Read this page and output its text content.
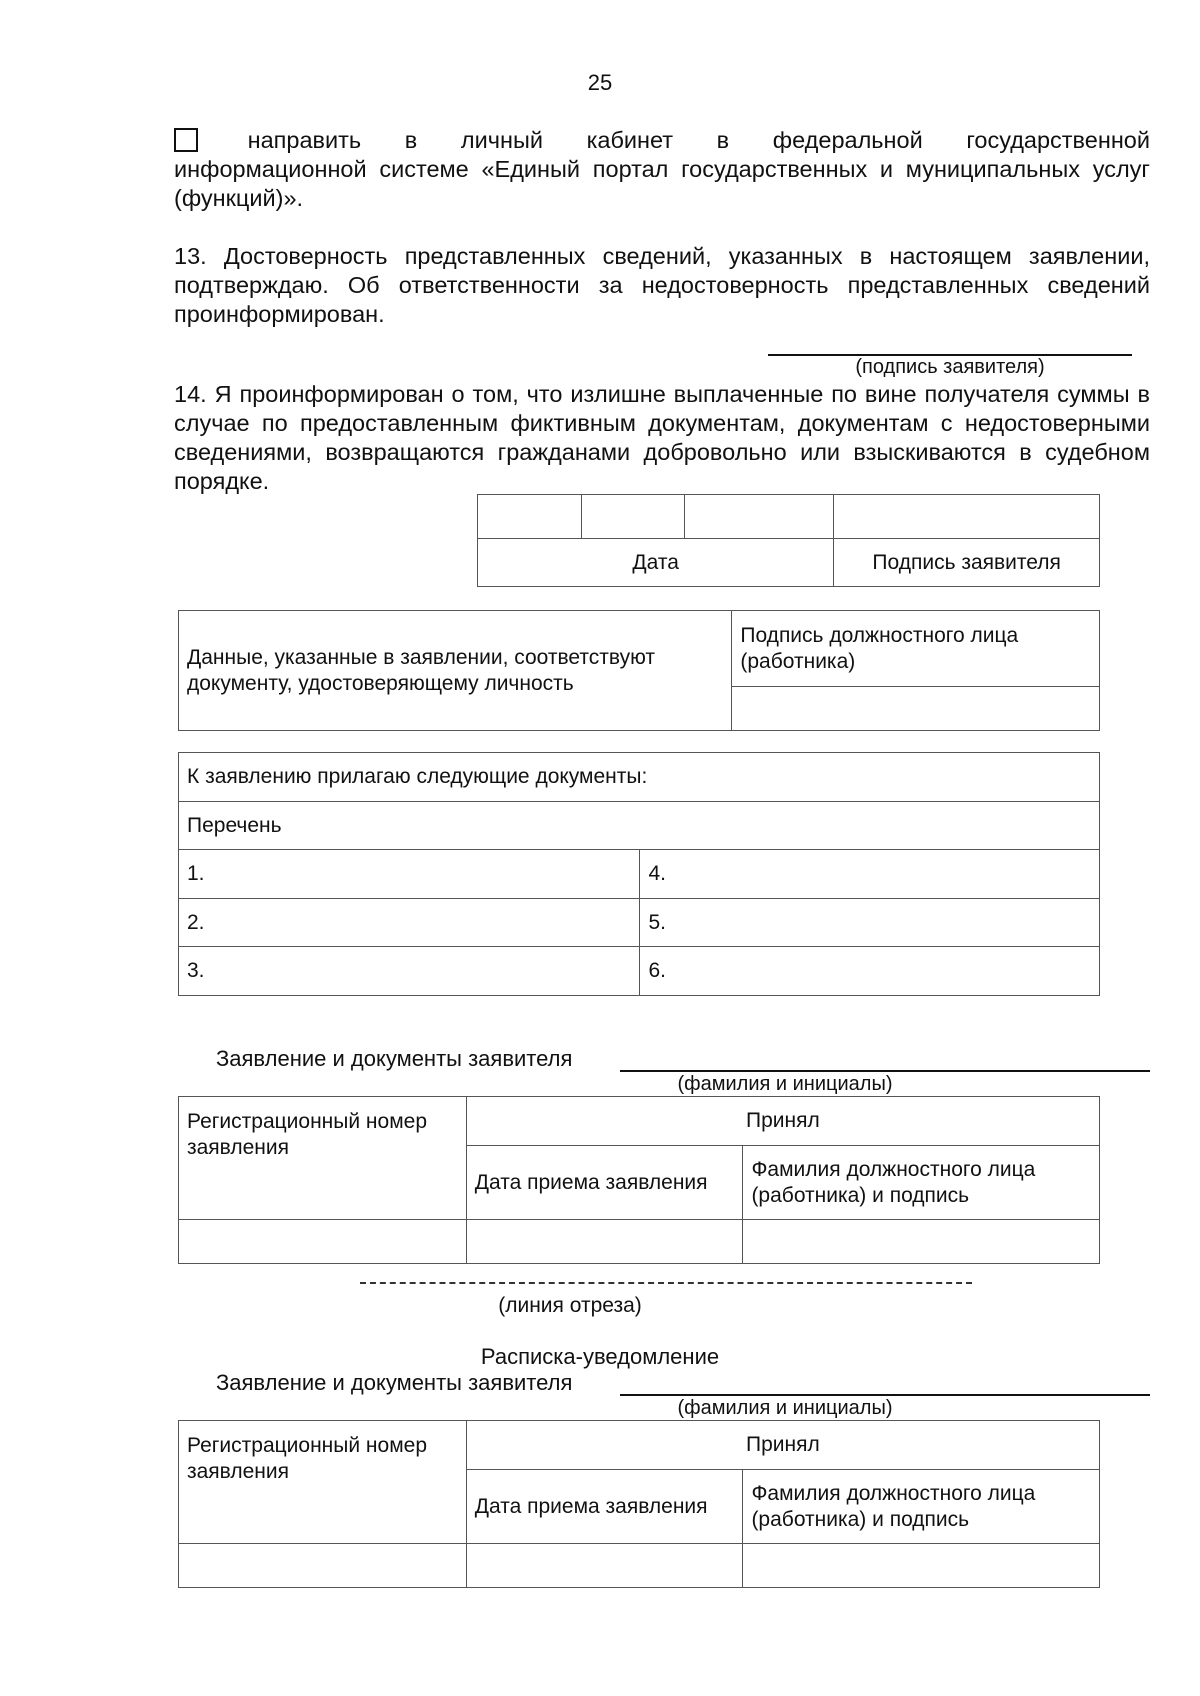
25
направить в личный кабинет в федеральной государственной
информационной системе «Единый портал государственных и муниципальных услуг (функций)».
13. Достоверность представленных сведений, указанных в настоящем заявлении, подтверждаю. Об ответственности за недостоверность представленных сведений проинформирован.
(подпись заявителя)
14. Я проинформирован о том, что излишне выплаченные по вине получателя суммы в случае по предоставленным фиктивным документам, документам с недостоверными сведениями, возвращаются гражданами добровольно или взыскиваются в судебном порядке.

Дата			Подпись заявителя
Данные, указанные в заявлении, соответствуют документу, удостоверяющему личность	Подпись должностного лица (работника)

К заявлению прилагаю следующие документы:	
Перечень	
1.	4.
2.	5.
3.	6.
Заявление и документы заявителя
(фамилия и инициалы)
Регистрационный номер заявления	Принял	
	Дата приема заявления	Фамилия должностного лица (работника) и подпись

(линия отреза)
Расписка-уведомление
Заявление и документы заявителя
(фамилия и инициалы)
Регистрационный номер заявления	Принял	
	Дата приема заявления	Фамилия должностного лица (работника) и подпись
